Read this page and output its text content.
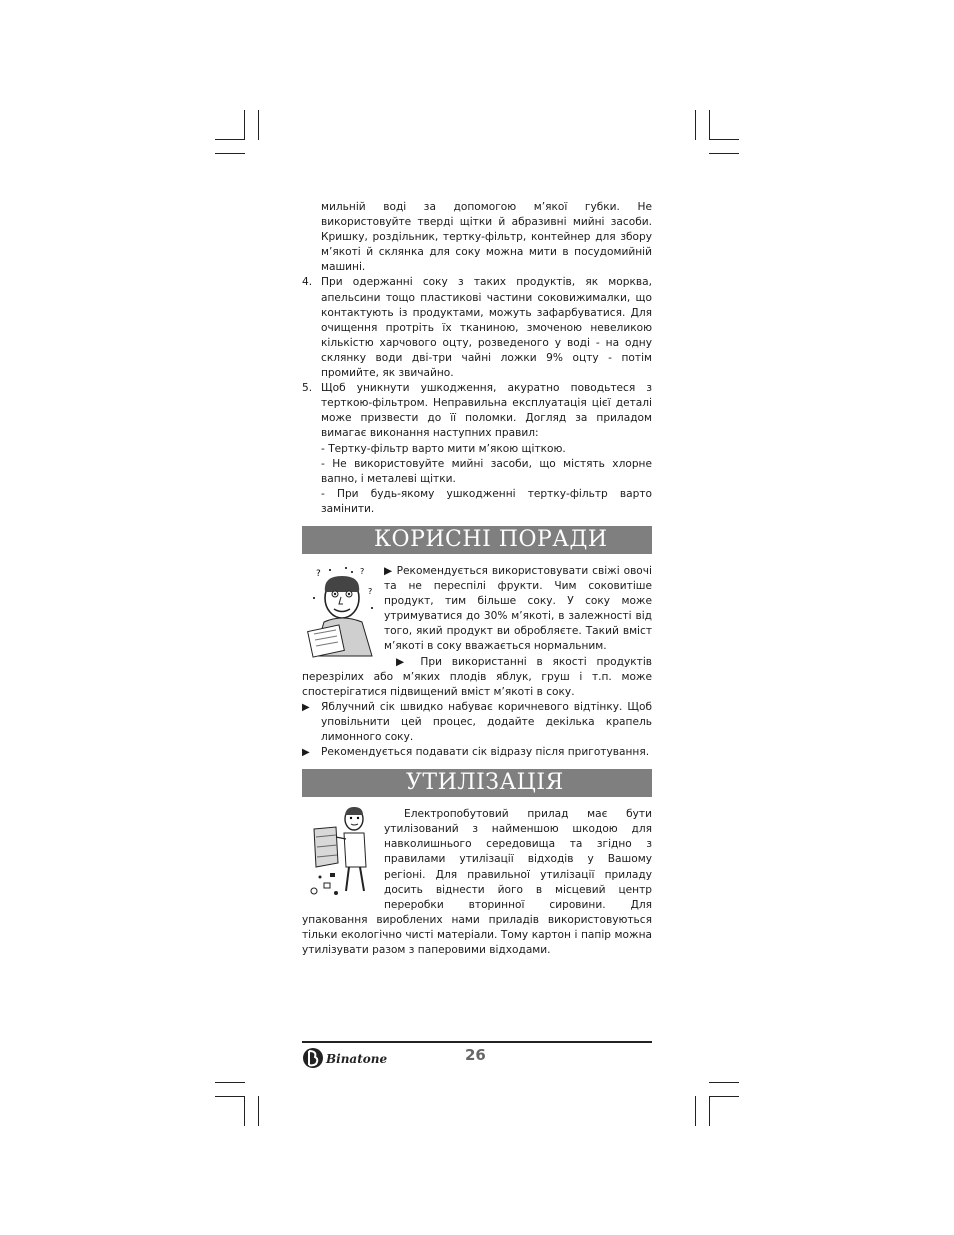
мильній воді за допомогою м’якої губки. Не використовуйте тверді щітки й абразивні мийні засоби. Кришку, роздільник, тертку-фільтр, контейнер для збору м’якоті й склянка для соку можна мити в посудомийній машині.

4. При одержанні соку з таких продуктів, як морква, апельсини тощо пластикові частини соковижималки, що контактують із продуктами, можуть зафарбуватися. Для очищення протріть їх тканиною, змоченою невеликою кількістю харчового оцту, розведеного у воді - на одну склянку води дві-три чайні ложки 9% оцту - потім промийте, як звичайно.

5. Щоб уникнути ушкодження, акуратно поводьтеся з терткою-фільтром. Неправильна експлуатація цієї деталі може призвести до її поломки. Догляд за приладом вимагає виконання наступних правил:

- Тертку-фільтр варто мити м’якою щіткою.

- Не використовуйте мийні засоби, що містять хлорне вапно, і металеві щітки.

- При будь-якому ушкодженні тертку-фільтр варто замінити.

КОРИСНІ ПОРАДИ
?	?
?

▶ Рекомендується використовувати свіжі овочі та не переспілі фрукти. Чим соковитіше продукт, тим більше соку. У соку може утримуватися до 30% м’якоті, в залежності від того, який продукт ви обробляєте. Такий вміст м’якоті в соку вважається нормальним.

▶ При використанні в якості продуктів перезрілих або м’яких плодів яблук, груш і т.п. може спостерігатися підвищений вміст м’якоті в соку.

▶ Яблучний сік швидко набуває коричневого відтінку. Щоб уповільнити цей процес, додайте декілька крапель лимонного соку.

▶ Рекомендується подавати сік відразу після приготування.

УТИЛІЗАЦІЯ

Електропобутовий прилад має бути утилізований з найменшою шкодою для навколишнього середовища та згідно з правилами утилізації відходів у Вашому регіоні. Для правильної утилізації приладу досить віднести його в місцевий центр переробки вторинної сировини. Для упаковання вироблених нами приладів використовуються тільки екологічно чисті матеріали. Тому картон і папір можна утилізувати разом з паперовими відходами.

Binatone	26
